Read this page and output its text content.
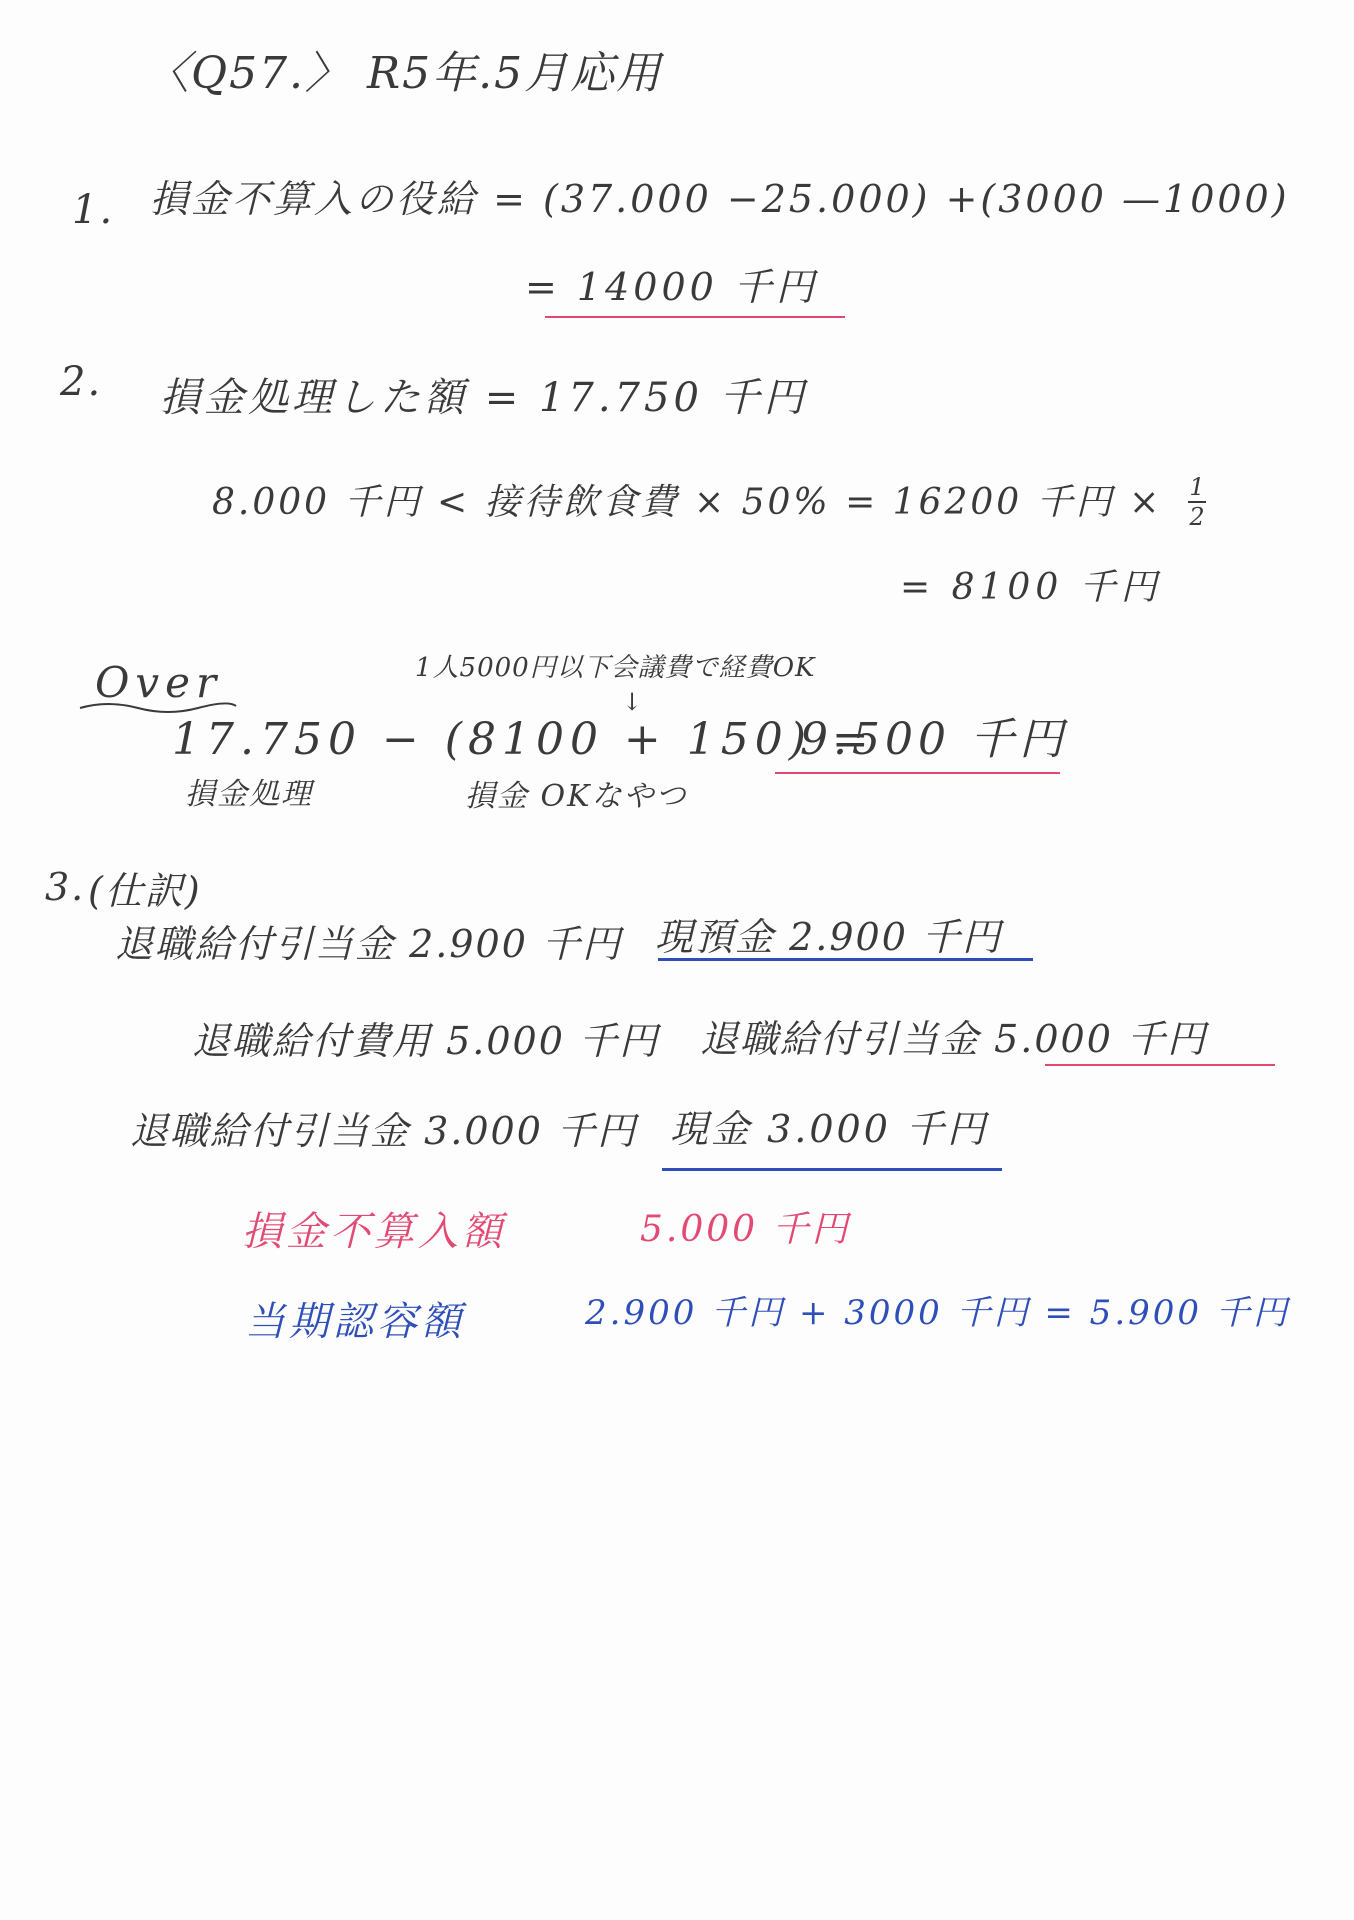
〈Q57.〉 R5年.5月応用
1. 損金不算入の役給 = (37.000 −25.000) +(3000 —1000)
= 14000 千円
2. 損金処理した額 = 17.750 千円
8.000 千円 < 接待飲食費 × 50% = 16200 千円 × 1
2
= 8100 千円
Over	1人5000円以下会議費で経費OK
↓
17.750 − (8100 + 150) =
9.500 千円
損金処理	損金 OKなやつ
3. (仕訳)
退職給付引当金 2.900 千円 現預金 2.900 千円
退職給付費用 5.000 千円 退職給付引当金 5.000 千円
退職給付引当金 3.000 千円 現金 3.000 千円
損金不算入額	5.000 千円
当期認容額	2.900 千円 + 3000 千円 = 5.900 千円
